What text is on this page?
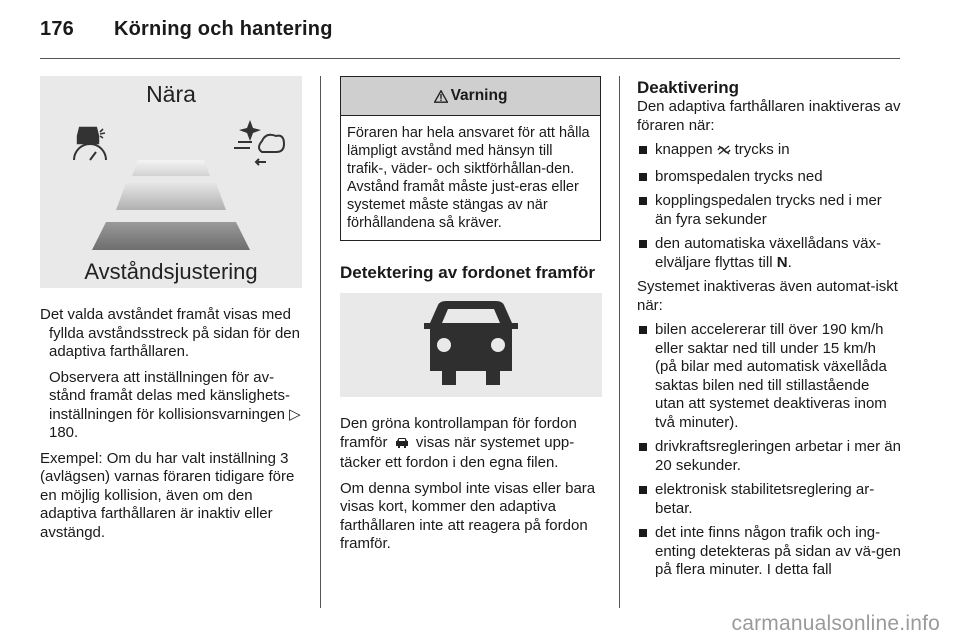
176 Körning och hantering
Nära
Avståndsjustering

Det valda avståndet framåt visas med fyllda avståndsstreck på sidan för den adaptiva farthållaren.

Observera att inställningen för av-stånd framåt delas med känslighets-inställningen för kollisionsvarningen ▷ 180.

Exempel: Om du har valt inställning 3 (avlägsen) varnas föraren tidigare före en möjlig kollision, även om den adaptiva farthållaren är inaktiv eller avstängd.

Varning
Föraren har hela ansvaret för att hålla lämpligt avstånd med hänsyn till trafik-, väder- och siktförhållan-den. Avstånd framåt måste just-eras eller systemet måste stängas av när förhållandena så kräver.
Detektering av fordonet framför

Den gröna kontrollampan för fordon framför visas när systemet upp-täcker ett fordon i den egna filen.

Om denna symbol inte visas eller bara visas kort, kommer den adaptiva farthållaren inte att reagera på fordon framför.

Deaktivering

Den adaptiva farthållaren inaktiveras av föraren när:

knappen trycks in
bromspedalen trycks ned
kopplingspedalen trycks ned i mer än fyra sekunder
den automatiska växellådans väx-elväljare flyttas till N.

Systemet inaktiveras även automat-iskt när:

bilen accelererar till över 190 km/h eller saktar ned till under 15 km/h (på bilar med automatisk växellåda saktas bilen ned till stillastående utan att systemet deaktiveras inom två minuter).
drivkraftsregleringen arbetar i mer än 20 sekunder.
elektronisk stabilitetsreglering ar-betar.
det inte finns någon trafik och ing-enting detekteras på sidan av vä-gen på flera minuter. I detta fall
carmanualsonline.info
